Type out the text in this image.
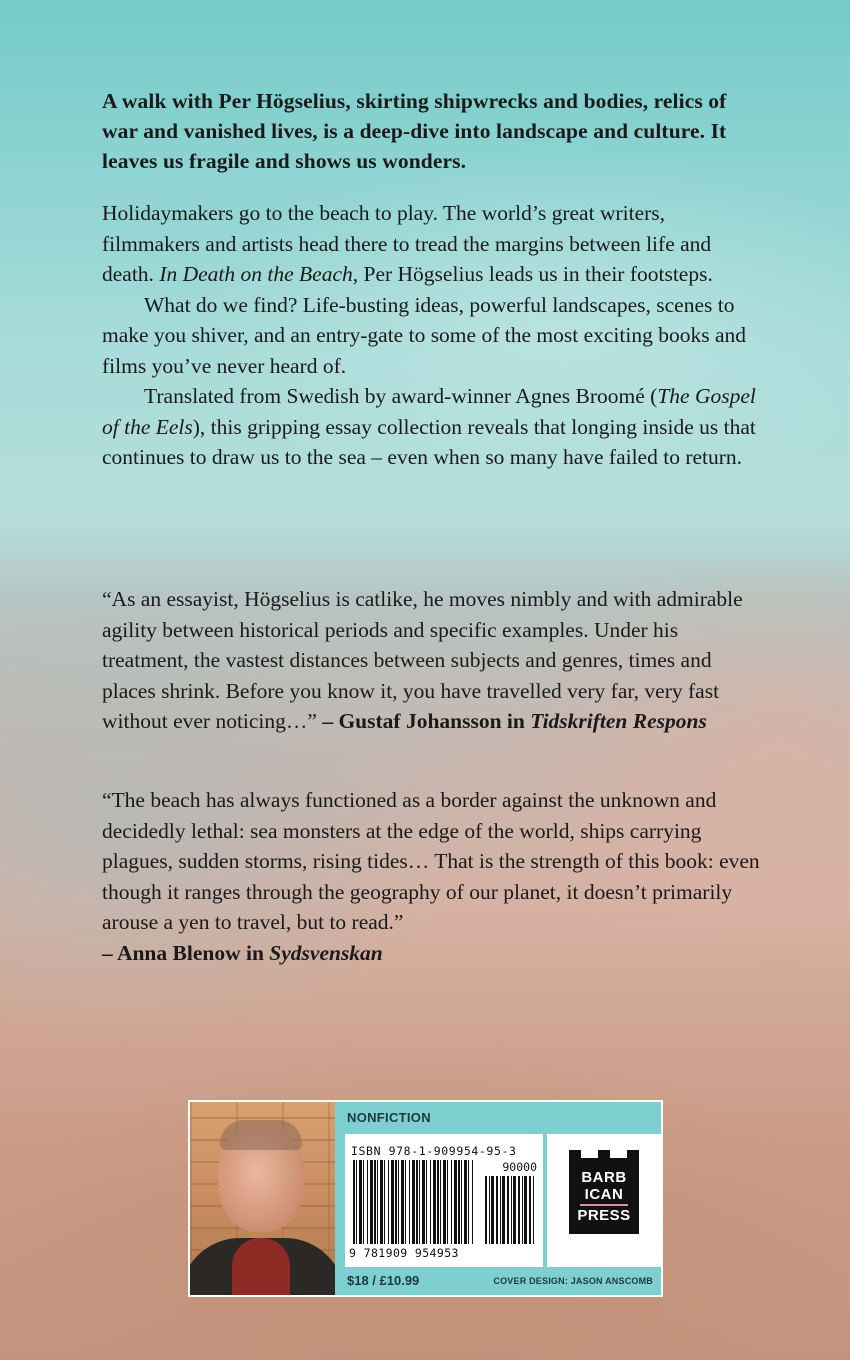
A walk with Per Högselius, skirting shipwrecks and bodies, relics of war and vanished lives, is a deep-dive into landscape and culture. It leaves us fragile and shows us wonders.

Holidaymakers go to the beach to play. The world’s great writers, filmmakers and artists head there to tread the margins between life and death. In Death on the Beach, Per Högselius leads us in their footsteps.

What do we find? Life-busting ideas, powerful landscapes, scenes to make you shiver, and an entry-gate to some of the most exciting books and films you’ve never heard of.

Translated from Swedish by award-winner Agnes Broomé (The Gospel of the Eels), this gripping essay collection reveals that longing inside us that continues to draw us to the sea – even when so many have failed to return.

“As an essayist, Högselius is catlike, he moves nimbly and with admirable agility between historical periods and specific examples. Under his treatment, the vastest distances between subjects and genres, times and places shrink. Before you know it, you have travelled very far, very fast without ever noticing…” – Gustaf Johansson in Tidskriften Respons

“The beach has always functioned as a border against the unknown and decidedly lethal: sea monsters at the edge of the world, ships carrying plagues, sudden storms, rising tides… That is the strength of this book: even though it ranges through the geography of our planet, it doesn’t primarily arouse a yen to travel, but to read.”
– Anna Blenow in Sydsvenskan

NONFICTION
ISBN 978-1-909954-95-3
90000
9 781909 954953
BARB
ICAN
PRESS
$18 / £10.99	COVER DESIGN: JASON ANSCOMB
